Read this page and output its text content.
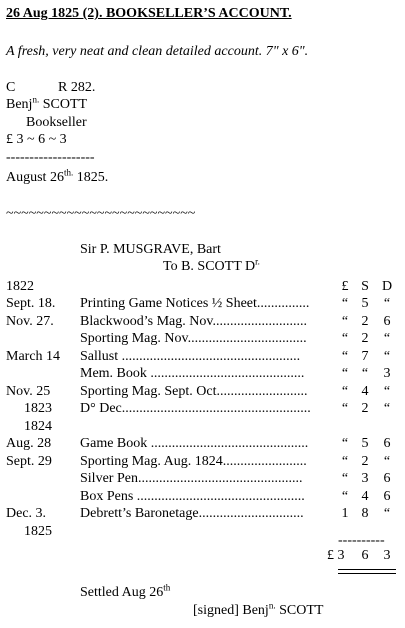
26 Aug 1825 (2). BOOKSELLER’S ACCOUNT.
A fresh, very neat and clean detailed account. 7" x 6".
C	R 282.
Benj$^{n.}$ SCOTT
Bookseller
£ 3 ~ 6 ~ 3
-------------------
August $26^{th.}$ 1825.
~~~~~~~~~~~~~~~~~~~~~~~~~
Sir P. MUSGRAVE, Bart
To B. SCOTT $D^{r.}$
1822	£ S D
Sept. 18. Printing Game Notices ½ Sheet...............	“ 5 “
Nov. 27. Blackwood’s Mag. Nov...........................	“ 2 6
Sporting Mag. Nov..................................	“ 2 “
March 14 Sallust ...................................................	“ 7 “
Mem. Book ............................................	“ “ 3
Nov. 25 Sporting Mag. Sept. Oct..........................	“ 4 “
1823 D° Dec......................................................	“ 2 “
1824
Aug. 28 Game Book .............................................	“ 5 6
Sept. 29 Sporting Mag. Aug. 1824........................	“ 2 “
Silver Pen...............................................	“ 3 6
Box Pens ................................................	“ 4 6
Dec. 3. Debrett’s Baronetage..............................	1 8 “
1825
----------
£ 3 6 3
Settled Aug 26th
[signed] Benj$^{n.}$ SCOTT
